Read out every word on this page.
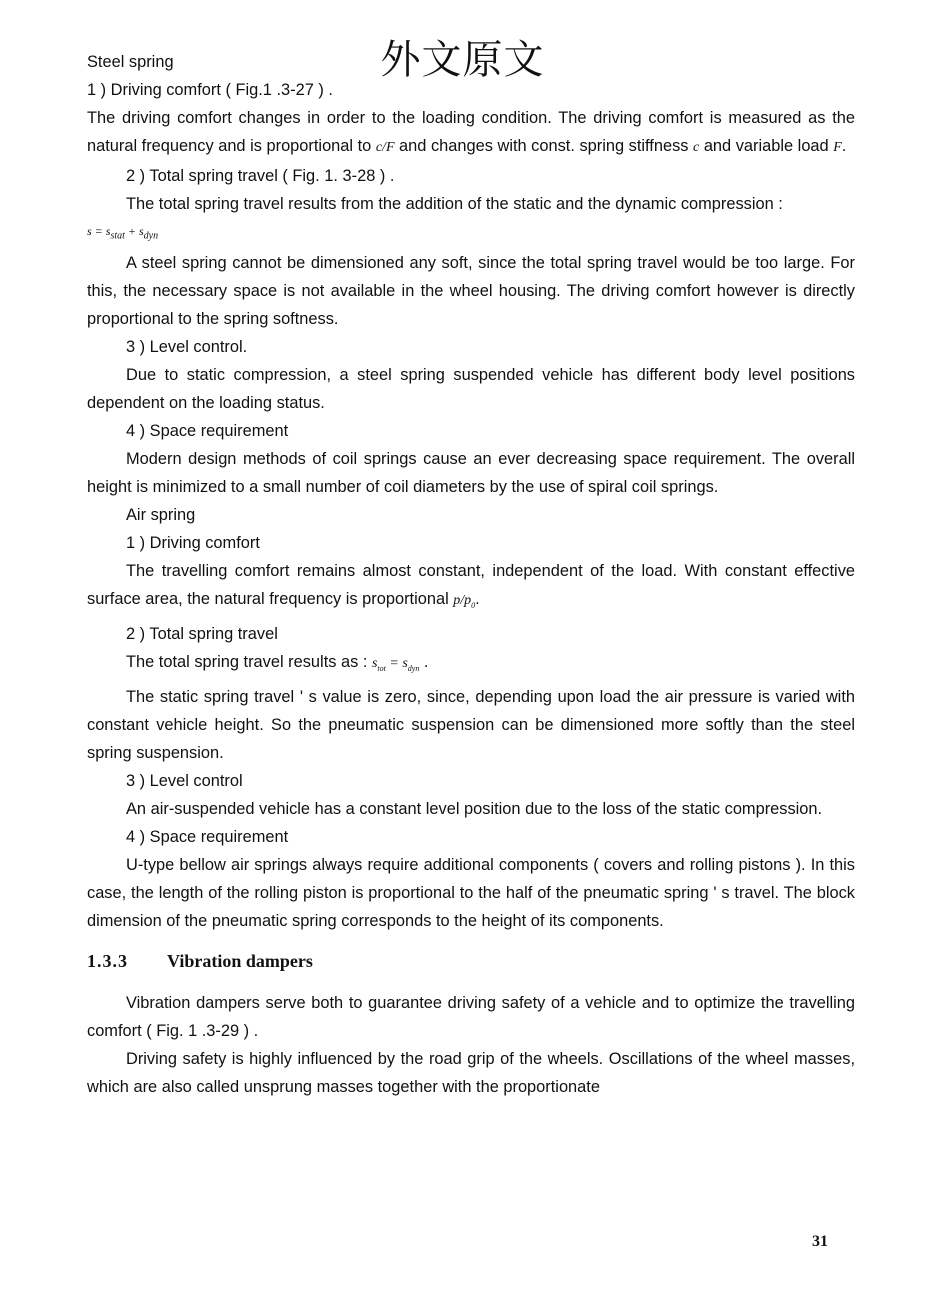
外文原文

Steel spring

1 ) Driving comfort ( Fig.1 .3-27 ) .

The driving comfort changes in order to the loading condition. The driving comfort is measured as the natural frequency and is proportional to c/F and changes with const. spring stiffness c and variable load F.

2 ) Total spring travel ( Fig. 1. 3-28 ) .

The total spring travel results from the addition of the static and the dynamic compression :

$s = s_{stat} + s_{dyn}$

A steel spring cannot be dimensioned any soft, since the total spring travel would be too large. For this, the necessary space is not available in the wheel housing. The driving comfort however is directly proportional to the spring softness.

3 ) Level control.

Due to static compression, a steel spring suspended vehicle has different body level positions dependent on the loading status.

4 ) Space requirement

Modern design methods of coil springs cause an ever decreasing space requirement. The overall height is minimized to a small number of coil diameters by the use of spiral coil springs.

Air spring

1 ) Driving comfort

The travelling comfort remains almost constant, independent of the load. With constant effective surface area, the natural frequency is proportional $p/p_0$.

2 ) Total spring travel

The total spring travel results as : $s_{tot} = s_{dyn}$ .

The static spring travel ' s value is zero, since, depending upon load the air pressure is varied with constant vehicle height. So the pneumatic suspension can be dimensioned more softly than the steel spring suspension.

3 ) Level control

An air-suspended vehicle has a constant level position due to the loss of the static compression.

4 ) Space requirement

U-type bellow air springs always require additional components ( covers and rolling pistons ). In this case, the length of the rolling piston is proportional to the half of the pneumatic spring ' s travel. The block dimension of the pneumatic spring corresponds to the height of its components.

1.3.3 Vibration dampers

Vibration dampers serve both to guarantee driving safety of a vehicle and to optimize the travelling comfort ( Fig. 1 .3-29 ) .

Driving safety is highly influenced by the road grip of the wheels. Oscillations of the wheel masses, which are also called unsprung masses together with the proportionate

31
